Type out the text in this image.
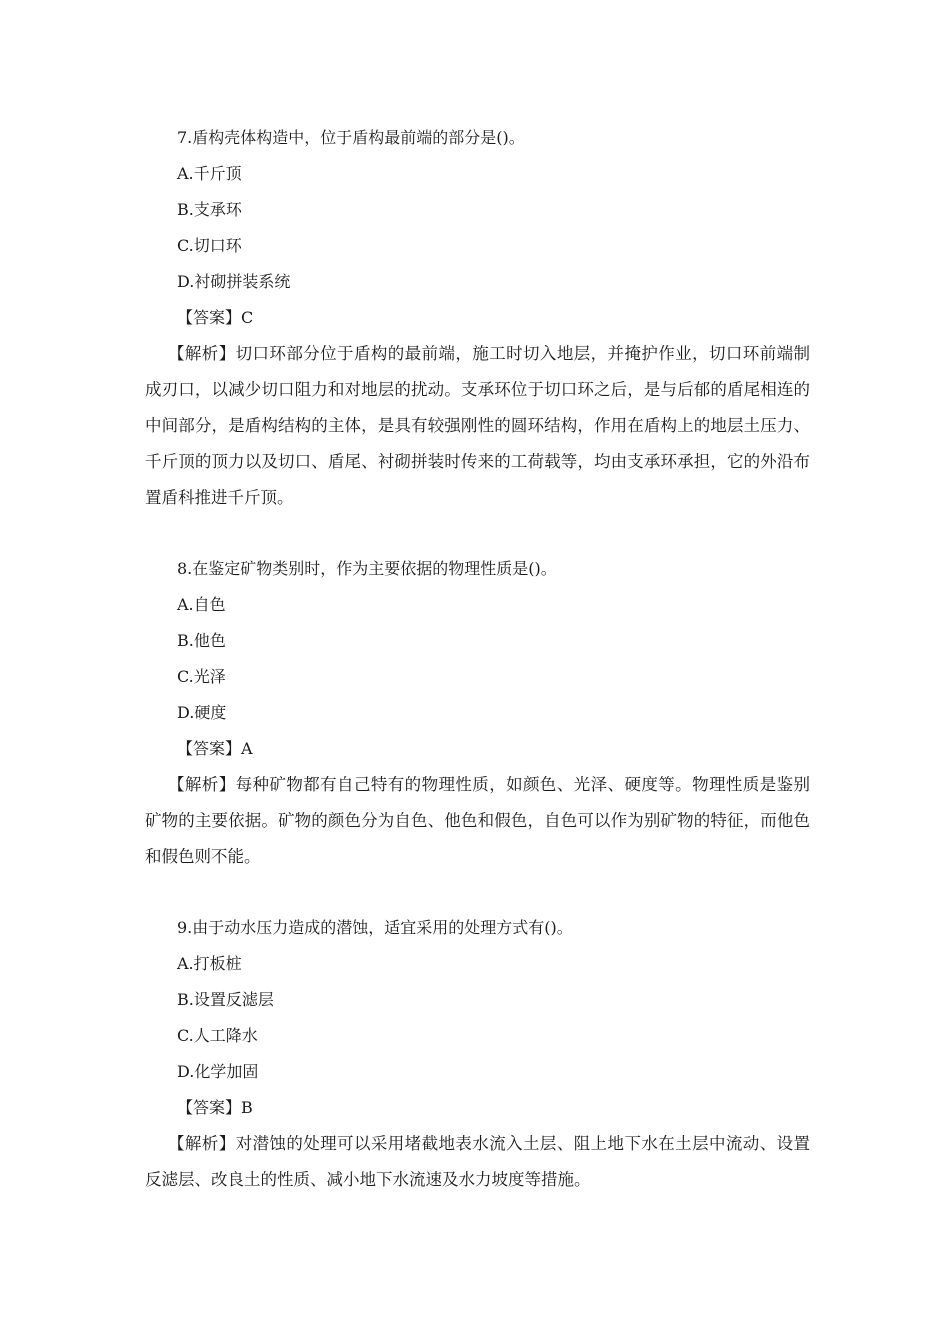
7.盾构壳体构造中，位于盾构最前端的部分是()。
A.千斤顶
B.支承环
C.切口环
D.衬砌拼装系统
【答案】C

【解析】切口环部分位于盾构的最前端，施工时切入地层，并掩护作业，切口环前端制成刃口，以减少切口阻力和对地层的扰动。支承环位于切口环之后，是与后郁的盾尾相连的中间部分，是盾构结构的主体，是具有较强刚性的圆环结构，作用在盾构上的地层土压力、千斤顶的顶力以及切口、盾尾、衬砌拼装时传来的工荷载等，均由支承环承担，它的外沿布置盾科推进千斤顶。

8.在鉴定矿物类别时，作为主要依据的物理性质是()。
A.自色
B.他色
C.光泽
D.硬度
【答案】A

【解析】每种矿物都有自己特有的物理性质，如颜色、光泽、硬度等。物理性质是鉴别矿物的主要依据。矿物的颜色分为自色、他色和假色，自色可以作为别矿物的特征，而他色和假色则不能。

9.由于动水压力造成的潜蚀，适宜采用的处理方式有()。
A.打板桩
B.设置反滤层
C.人工降水
D.化学加固
【答案】B

【解析】对潜蚀的处理可以采用堵截地表水流入土层、阻上地下水在土层中流动、设置反滤层、改良土的性质、减小地下水流速及水力坡度等措施。
